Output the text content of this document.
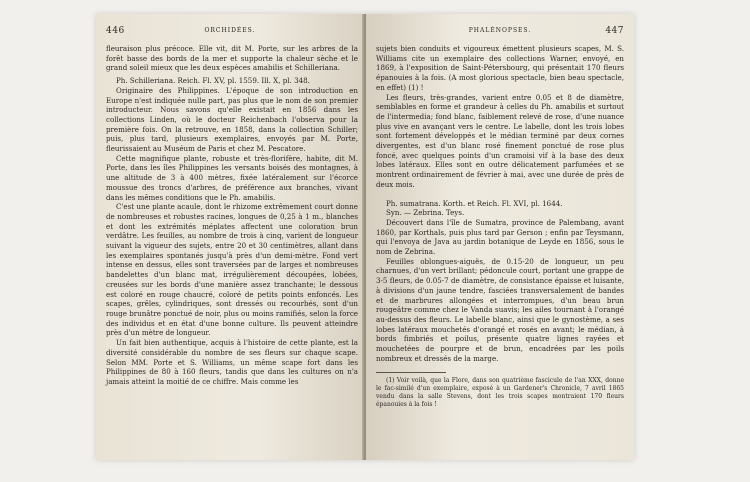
446	ORCHIDÉES.

fleuraison plus précoce. Elle vit, dit M. Porte, sur les arbres de la forêt basse des bords de la mer et supporte la chaleur sèche et le grand soleil mieux que les deux espèces amabilis et Schilleriana.

Ph. Schilleriana. Reich. Fl. XV, pl. 1559. Ill. X, pl. 348.

Originaire des Philippines. L'époque de son introduction en Europe n'est indiquée nulle part, pas plus que le nom de son premier introducteur. Nous savons qu'elle existait en 1856 dans les collections Linden, où le docteur Reichenbach l'observa pour la première fois. On la retrouve, en 1858, dans la collection Schiller; puis, plus tard, plusieurs exemplaires, envoyés par M. Porte, fleurissaient au Muséum de Paris et chez M. Pescatore.

Cette magnifique plante, robuste et très-florifère, habite, dit M. Porte, dans les îles Philippines les versants boisés des montagnes, à une altitude de 3 à 400 mètres, fixée latéralement sur l'écorce moussue des troncs d'arbres, de préférence aux branches, vivant dans les mêmes conditions que le Ph. amabilis.

C'est une plante acaule, dont le rhizome extrêmement court donne de nombreuses et robustes racines, longues de 0,25 à 1 m., blanches et dont les extrémités méplates affectent une coloration brun verdâtre. Les feuilles, au nombre de trois à cinq, varient de longueur suivant la vigueur des sujets, entre 20 et 30 centimètres, allant dans les exemplaires spontanés jusqu'à près d'un demi-mètre. Fond vert intense en dessus, elles sont traversées par de larges et nombreuses bandelettes d'un blanc mat, irrégulièrement découpées, lobées, creusées sur les bords d'une manière assez tranchante; le dessous est coloré en rouge chaucré, coloré de petits points enfoncés. Les scapes, grêles, cylindriques, sont dressés ou recourbés, sont d'un rouge brunâtre ponctué de noir, plus ou moins ramifiés, selon la force des individus et en état d'une bonne culture. Ils peuvent atteindre près d'un mètre de longueur.

Un fait bien authentique, acquis à l'histoire de cette plante, est la diversité considérable du nombre de ses fleurs sur chaque scape. Selon MM. Porte et S. Williams, un même scape fort dans les Philippines de 80 à 160 fleurs, tandis que dans les cultures on n'a jamais atteint la moitié de ce chiffre. Mais comme les

PHALÉNOPSES.	447

sujets bien conduits et vigoureux émettent plusieurs scapes, M. S. Williams cite un exemplaire des collections Warner, envoyé, en 1869, à l'exposition de Saint-Pétersbourg, qui présentait 170 fleurs épanouies à la fois. (A most glorious spectacle, bien beau spectacle, en effet) (1) !

Les fleurs, très-grandes, varient entre 0.05 et 8 de diamètre, semblables en forme et grandeur à celles du Ph. amabilis et surtout de l'intermedia; fond blanc, faiblement relevé de rose, d'une nuance plus vive en avançant vers le centre. Le labelle, dont les trois lobes sont fortement développés et le médian terminé par deux cornes divergentes, est d'un blanc rosé finement ponctué de rose plus foncé, avec quelques points d'un cramoisi vif à la base des deux lobes latéraux. Elles sont en outre délicatement parfumées et se montrent ordinairement de février à mai, avec une durée de près de deux mois.

Ph. sumatrana. Korth. et Reich. Fl. XVI, pl. 1644.

Syn. — Zebrina. Teys.

Découvert dans l'île de Sumatra, province de Palembang, avant 1860, par Korthals, puis plus tard par Gerson ; enfin par Teysmann, qui l'envoya de Java au jardin botanique de Leyde en 1856, sous le nom de Zebrina.

Feuilles oblongues-aiguës, de 0.15-20 de longueur, un peu charnues, d'un vert brillant; pédoncule court, portant une grappe de 3-5 fleurs, de 0.05-7 de diamètre, de consistance épaisse et luisante, à divisions d'un jaune tendre, fasciées transversalement de bandes et de marbrures allongées et interrompues, d'un beau brun rougeâtre comme chez le Vanda suavis; les ailes tournant à l'orangé au-dessus des fleurs. Le labelle blanc, ainsi que le gynostème, a ses lobes latéraux mouchetés d'orangé et rosés en avant; le médian, à bords fimbriés et poilus, présente quatre lignes rayées et mouchetées de pourpre et de brun, encadrées par les poils nombreux et dressés de la marge.

(1) Voir voilà, que la Flore, dans son quatrième fascicule de l'an XXX, donne le fac-similé d'un exemplaire, exposé à un Gardener's Chronicle, 7 avril 1865 vendu dans la salle Stevens, dont les trois scapes montraient 170 fleurs épanouies à la fois !
